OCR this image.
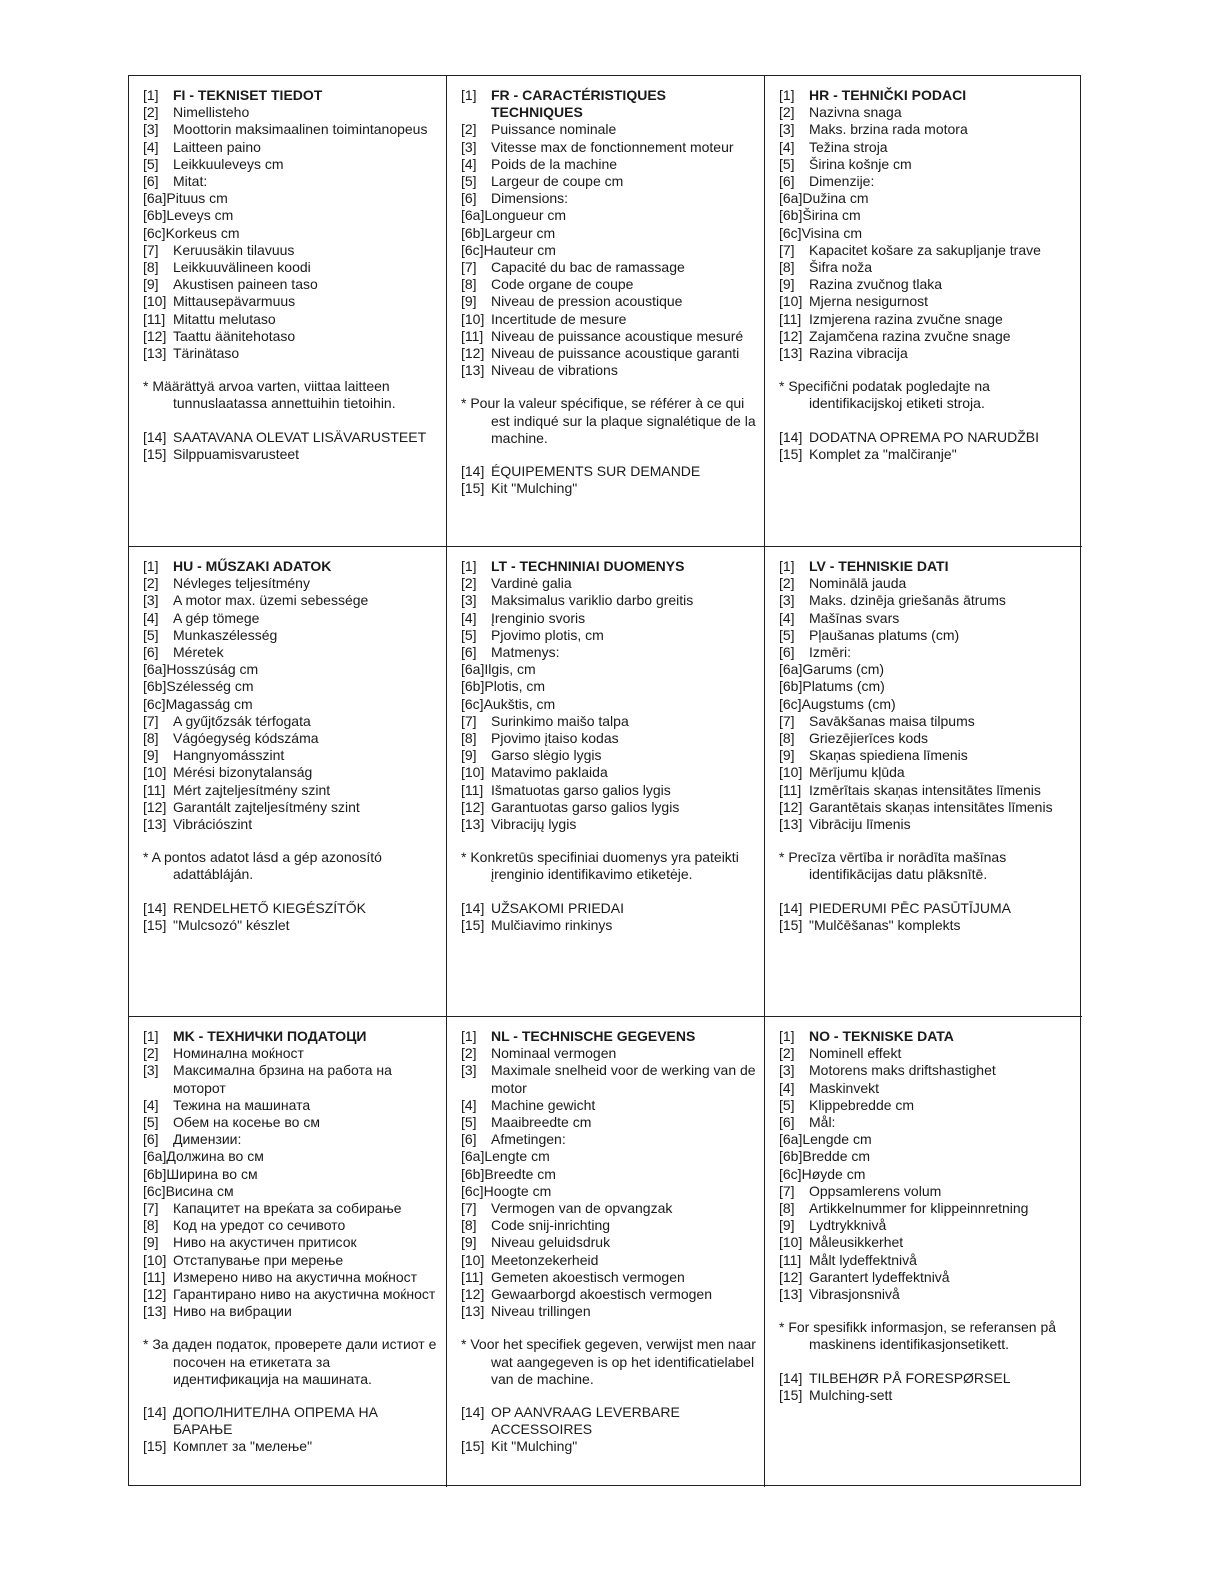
[1]	FI - TEKNISET TIEDOT
[2]	Nimellisteho
[3]	Moottorin maksimaalinen toimintanopeus
[4]	Laitteen paino
[5]	Leikkuuleveys cm
[6]	Mitat:
[6a] Pituus cm
[6b] Leveys cm
[6c] Korkeus cm
[7]	Keruusäkin tilavuus
[8]	Leikkuuvälineen koodi
[9]	Akustisen paineen taso
[10] Mittausepävarmuus
[11] Mitattu melutaso
[12] Taattu äänitehotaso
[13] Tärinätaso
* Määrättyä arvoa varten, viittaa laitteen tunnuslaatassa annettuihin tietoihin.
[14] SAATAVANA OLEVAT LISÄVARUSTEET
[15] Silppuamisvarusteet
[1]	FR - CARACTÉRISTIQUES TECHNIQUES
[2]	Puissance nominale
[3]	Vitesse max de fonctionnement moteur
[4]	Poids de la machine
[5]	Largeur de coupe cm
[6]	Dimensions:
[6a] Longueur cm
[6b] Largeur cm
[6c] Hauteur cm
[7]	Capacité du bac de ramassage
[8]	Code organe de coupe
[9]	Niveau de pression acoustique
[10] Incertitude de mesure
[11] Niveau de puissance acoustique mesuré
[12] Niveau de puissance acoustique garanti
[13] Niveau de vibrations
* Pour la valeur spécifique, se référer à ce qui est indiqué sur la plaque signalétique de la machine.
[14] ÉQUIPEMENTS SUR DEMANDE
[15] Kit "Mulching"
[1]	HR - TEHNIČKI PODACI
[2]	Nazivna snaga
[3]	Maks. brzina rada motora
[4]	Težina stroja
[5]	Širina košnje cm
[6]	Dimenzije:
[6a] Dužina cm
[6b] Širina cm
[6c] Visina cm
[7]	Kapacitet košare za sakupljanje trave
[8]	Šifra noža
[9]	Razina zvučnog tlaka
[10] Mjerna nesigurnost
[11] Izmjerena razina zvučne snage
[12] Zajamčena razina zvučne snage
[13] Razina vibracija
* Specifični podatak pogledajte na identifikacijskoj etiketi stroja.
[14] DODATNA OPREMA PO NARUDŽBI
[15] Komplet za "malčiranje"
[1]	HU - MŰSZAKI ADATOK
[2]	Névleges teljesítmény
[3]	A motor max. üzemi sebessége
[4]	A gép tömege
[5]	Munkaszélesség
[6]	Méretek
[6a] Hosszúság cm
[6b] Szélesség cm
[6c] Magasság cm
[7]	A gyűjtőzsák térfogata
[8]	Vágóegység kódszáma
[9]	Hangnyomásszint
[10] Mérési bizonytalanság
[11] Mért zajteljesítmény szint
[12] Garantált zajteljesítmény szint
[13] Vibrációszint
* A pontos adatot lásd a gép azonosító adattábláján.
[14] RENDELHETŐ KIEGÉSZÍTŐK
[15] "Mulcsozó" készlet
[1]	LT - TECHNINIAI DUOMENYS
[2]	Vardinė galia
[3]	Maksimalus variklio darbo greitis
[4]	Įrenginio svoris
[5]	Pjovimo plotis, cm
[6]	Matmenys:
[6a] Ilgis, cm
[6b] Plotis, cm
[6c] Aukštis, cm
[7]	Surinkimo maišo talpa
[8]	Pjovimo įtaiso kodas
[9]	Garso slėgio lygis
[10] Matavimo paklaida
[11] Išmatuotas garso galios lygis
[12] Garantuotas garso galios lygis
[13] Vibracijų lygis
* Konkretūs specifiniai duomenys yra pateikti įrenginio identifikavimo etiketėje.
[14] UŽSAKOMI PRIEDAI
[15] Mulčiavimo rinkinys
[1]	LV - TEHNISKIE DATI
[2]	Nominālā jauda
[3]	Maks. dzinēja griešanās ātrums
[4]	Mašīnas svars
[5]	Pļaušanas platums (cm)
[6]	Izmēri:
[6a] Garums (cm)
[6b] Platums (cm)
[6c] Augstums (cm)
[7]	Savākšanas maisa tilpums
[8]	Griezējierīces kods
[9]	Skaņas spiediena līmenis
[10] Mērījumu kļūda
[11] Izmērītais skaņas intensitātes līmenis
[12] Garantētais skaņas intensitātes līmenis
[13] Vibrāciju līmenis
* Precīza vērtība ir norādīta mašīnas identifikācijas datu plāksnītē.
[14] PIEDERUMI PĒC PASŪTĪJUMA
[15] "Mulčēšanas" komplekts
[1]	MK - ТЕХНИЧКИ ПОДАТОЦИ
[2]	Номинална моќност
[3]	Максимална брзина на работа на моторот
[4]	Тежина на машината
[5]	Обем на косење во см
[6]	Димензии:
[6a] Должина во см
[6b] Ширина во см
[6c] Висина см
[7]	Капацитет на вреќата за собирање
[8]	Код на уредот со сечивото
[9]	Ниво на акустичен притисок
[10] Отстапување при мерење
[11] Измерено ниво на акустична моќност
[12] Гарантирано ниво на акустична моќност
[13] Ниво на вибрации
* За даден податок, проверете дали истиот е посочен на етикетата за идентификација на машината.
[14] ДОПОЛНИТЕЛНА ОПРЕМА НА БАРАЊЕ
[15] Комплет за "мелење"
[1]	NL - TECHNISCHE GEGEVENS
[2]	Nominaal vermogen
[3]	Maximale snelheid voor de werking van de motor
[4]	Machine gewicht
[5]	Maaibreedte cm
[6]	Afmetingen:
[6a] Lengte cm
[6b] Breedte cm
[6c] Hoogte cm
[7]	Vermogen van de opvangzak
[8]	Code snij-inrichting
[9]	Niveau geluidsdruk
[10] Meetonzekerheid
[11] Gemeten akoestisch vermogen
[12] Gewaarborgd akoestisch vermogen
[13] Niveau trillingen
* Voor het specifiek gegeven, verwijst men naar wat aangegeven is op het identificatielabel van de machine.
[14] OP AANVRAAG LEVERBARE ACCESSOIRES
[15] Kit "Mulching"
[1]	NO - TEKNISKE DATA
[2]	Nominell effekt
[3]	Motorens maks driftshastighet
[4]	Maskinvekt
[5]	Klippebredde cm
[6]	Mål:
[6a] Lengde cm
[6b] Bredde cm
[6c] Høyde cm
[7]	Oppsamlerens volum
[8]	Artikkelnummer for klippeinnretning
[9]	Lydtrykknivå
[10] Måleusikkerhet
[11] Målt lydeffektnivå
[12] Garantert lydeffektnivå
[13] Vibrasjonsnivå
* For spesifikk informasjon, se referansen på maskinens identifikasjonsetikett.
[14] TILBEHØR PÅ FORESPØRSEL
[15] Mulching-sett
